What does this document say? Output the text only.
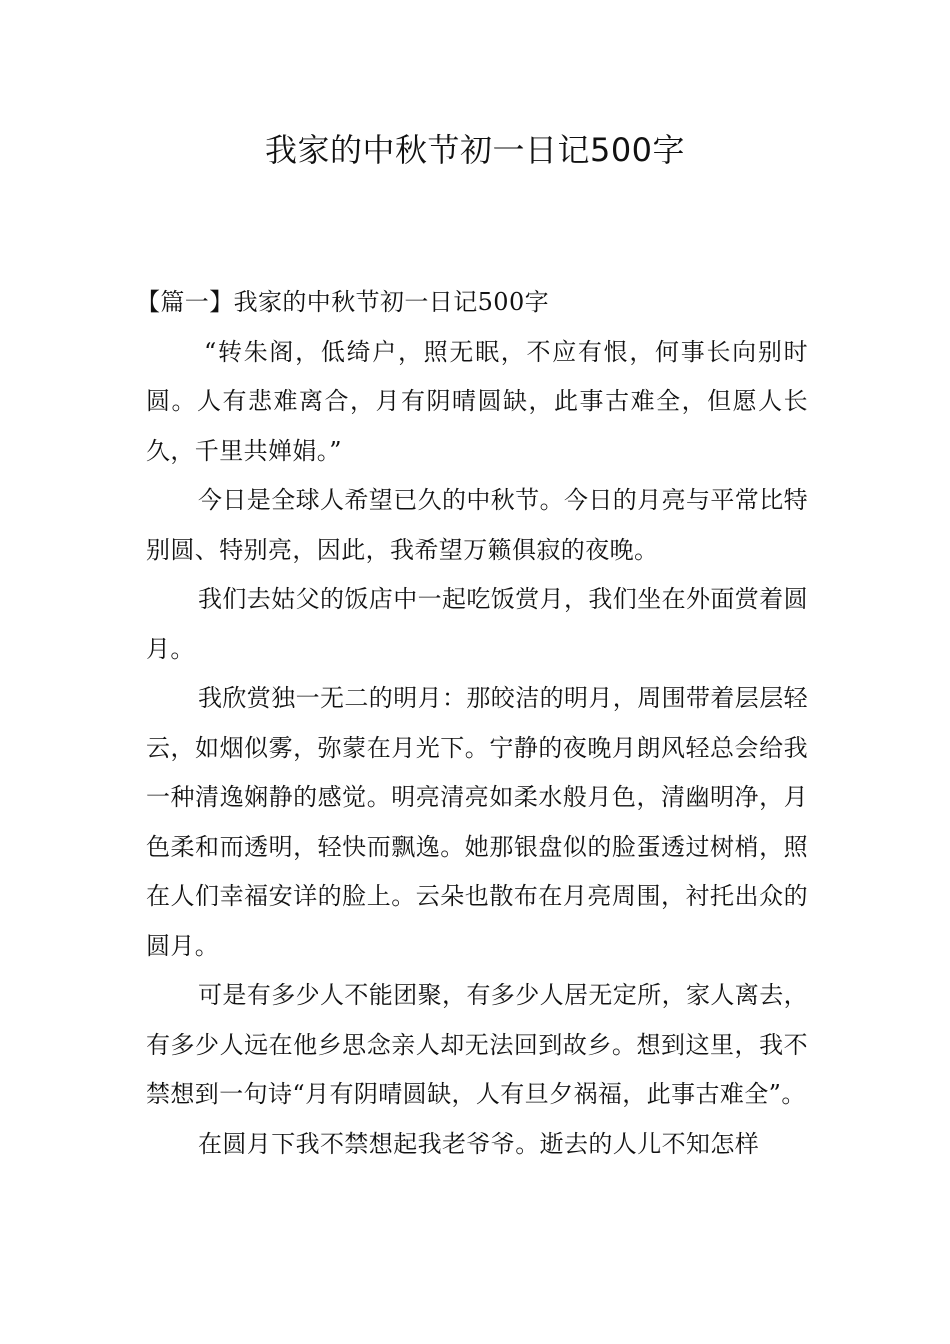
我家的中秋节初一日记500字

【篇一】我家的中秋节初一日记500字

“转朱阁，低绮户，照无眠，不应有恨，何事长向别时圆。人有悲难离合，月有阴晴圆缺，此事古难全，但愿人长久，千里共婵娟。”

今日是全球人希望已久的中秋节。今日的月亮与平常比特别圆、特别亮，因此，我希望万籁俱寂的夜晚。

我们去姑父的饭店中一起吃饭赏月，我们坐在外面赏着圆月。

我欣赏独一无二的明月：那皎洁的明月，周围带着层层轻云，如烟似雾，弥蒙在月光下。宁静的夜晚月朗风轻总会给我一种清逸娴静的感觉。明亮清亮如柔水般月色，清幽明净，月色柔和而透明，轻快而飘逸。她那银盘似的脸蛋透过树梢，照在人们幸福安详的脸上。云朵也散布在月亮周围，衬托出众的圆月。

可是有多少人不能团聚，有多少人居无定所，家人离去，有多少人远在他乡思念亲人却无法回到故乡。想到这里，我不禁想到一句诗“月有阴晴圆缺，人有旦夕祸福，此事古难全”。

在圆月下我不禁想起我老爷爷。逝去的人儿不知怎样
